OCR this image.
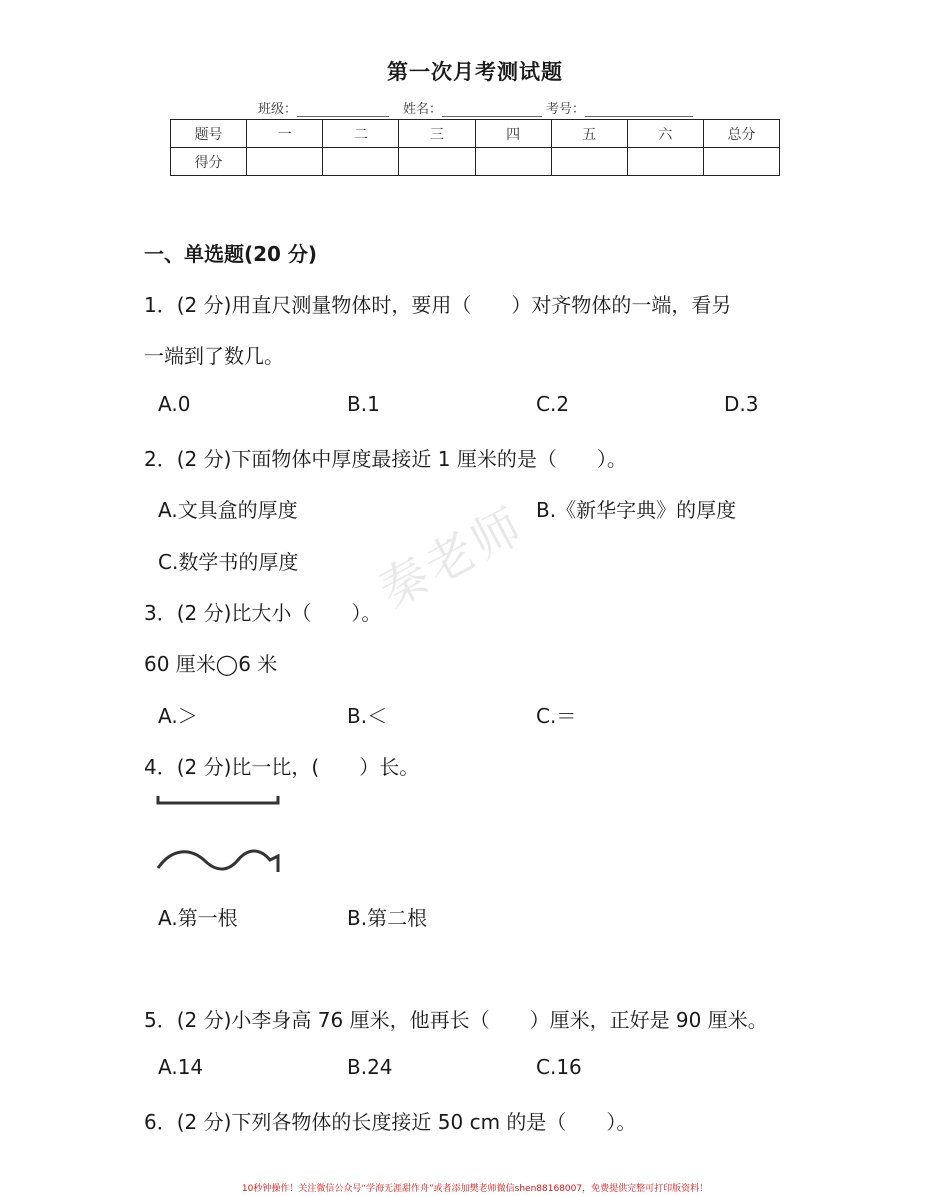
第一次月考测试题
班级：	姓名：	考号：
题号	一	二	三	四	五	六	总分
得分							
一、单选题(20 分)
1．(2 分)用直尺测量物体时，要用（　　）对齐物体的一端，看另
一端到了数几。
A.0	B.1	C.2	D.3
2．(2 分)下面物体中厚度最接近 1 厘米的是（　　）。
A.文具盒的厚度	B.《新华字典》的厚度
C.数学书的厚度
3．(2 分)比大小（　　）。
60 厘米◯6 米
A.＞	B.＜	C.＝
4．(2 分)比一比，(　　）长。
A.第一根	B.第二根
5．(2 分)小李身高 76 厘米，他再长（　　）厘米，正好是 90 厘米。
A.14	B.24	C.16
6．(2 分)下列各物体的长度接近 50 cm 的是（　　）。
秦老师
10秒钟操作！关注微信公众号“学海无涯甜作舟”或者添加樊老师微信shen88168007，免费提供完整可打印版资料！
